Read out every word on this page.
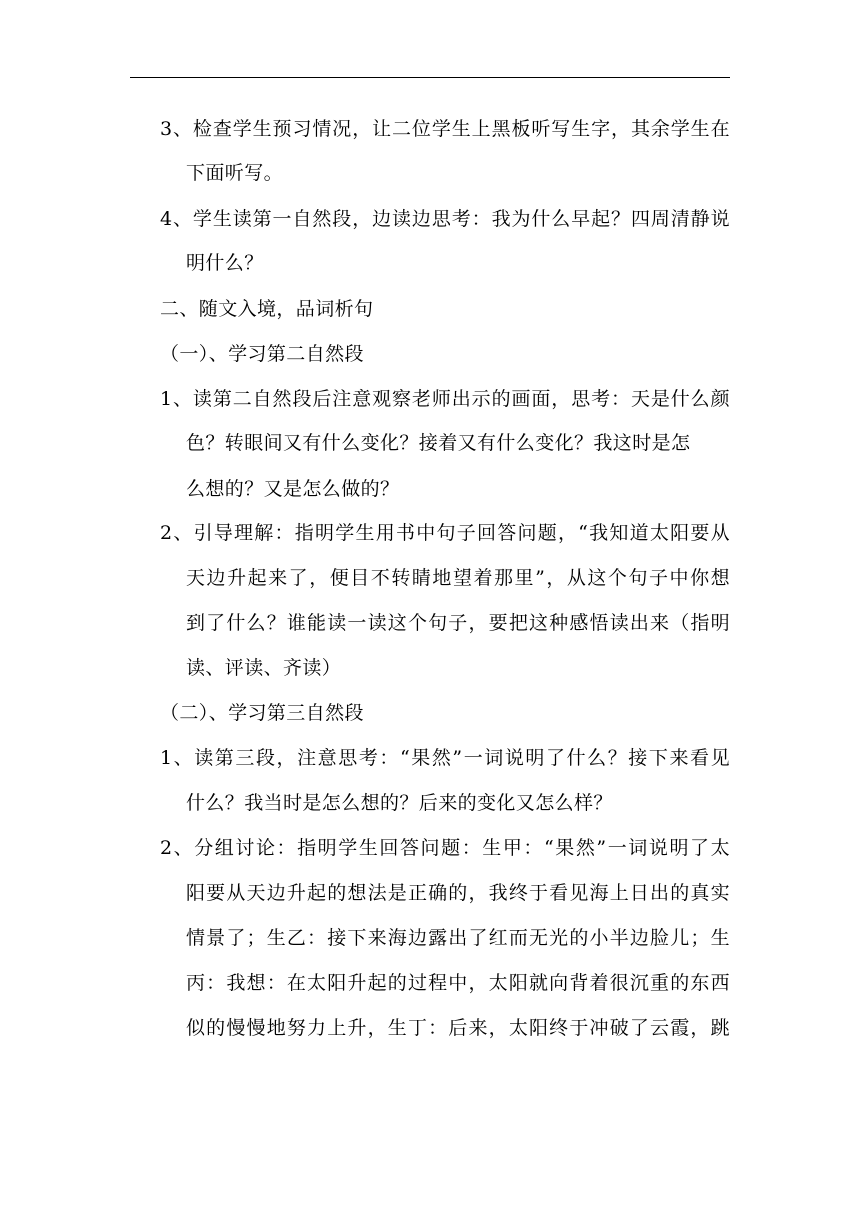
3、检查学生预习情况，让二位学生上黑板听写生字，其余学生在
下面听写。
4、学生读第一自然段，边读边思考：我为什么早起？四周清静说
明什么？
二、随文入境，品词析句
（一）、学习第二自然段
1、读第二自然段后注意观察老师出示的画面，思考：天是什么颜
色？转眼间又有什么变化？接着又有什么变化？我这时是怎
么想的？又是怎么做的？
2、引导理解：指明学生用书中句子回答问题，“我知道太阳要从
天边升起来了，便目不转睛地望着那里”，从这个句子中你想
到了什么？谁能读一读这个句子，要把这种感悟读出来（指明
读、评读、齐读）
（二）、学习第三自然段
1、读第三段，注意思考：“果然”一词说明了什么？接下来看见
什么？我当时是怎么想的？后来的变化又怎么样？
2、分组讨论：指明学生回答问题：生甲：“果然”一词说明了太
阳要从天边升起的想法是正确的，我终于看见海上日出的真实
情景了；生乙：接下来海边露出了红而无光的小半边脸儿；生
丙：我想：在太阳升起的过程中，太阳就向背着很沉重的东西
似的慢慢地努力上升，生丁：后来，太阳终于冲破了云霞，跳
